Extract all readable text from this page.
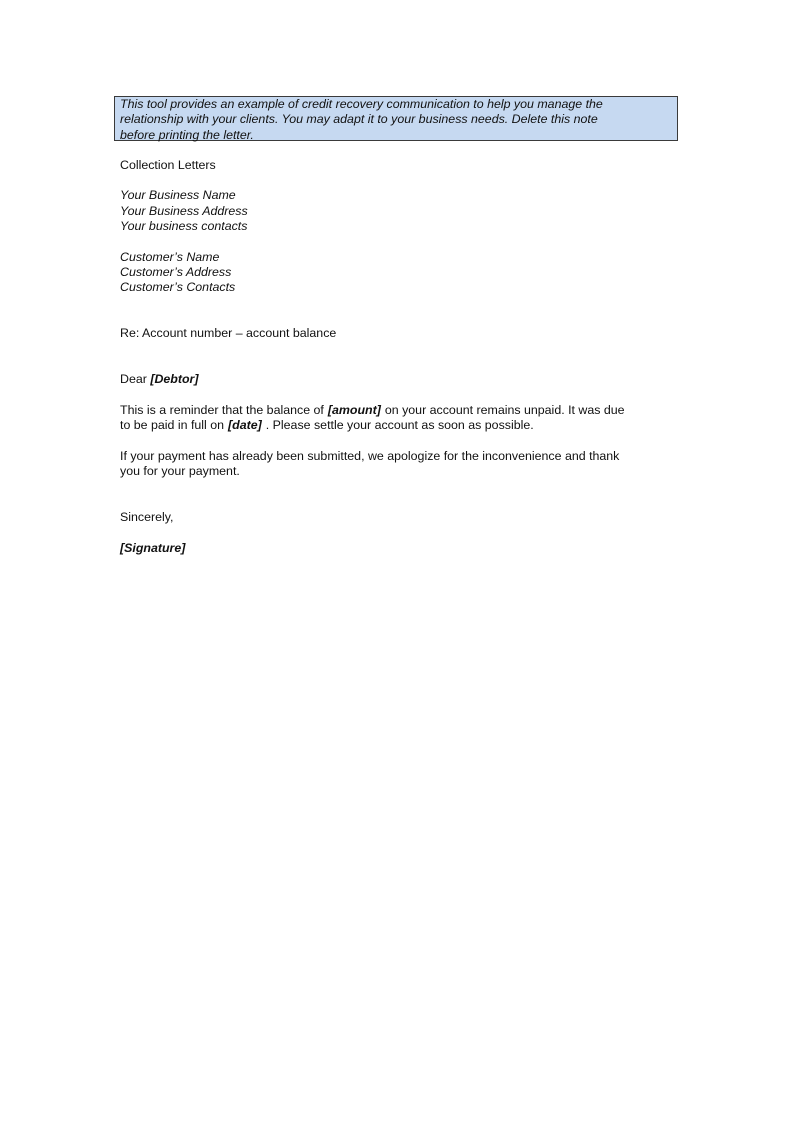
This tool provides an example of credit recovery communication to help you manage the
relationship with your clients. You may adapt it to your business needs. Delete this note
before printing the letter.
Collection Letters
Your Business Name
Your Business Address
Your business contacts
Customer’s Name
Customer’s Address
Customer’s Contacts
Re: Account number – account balance
Dear [Debtor]
This is a reminder that the balance of [amount] on your account remains unpaid. It was due
to be paid in full on [date] . Please settle your account as soon as possible.
If your payment has already been submitted, we apologize for the inconvenience and thank
you for your payment.
Sincerely,
[Signature]
